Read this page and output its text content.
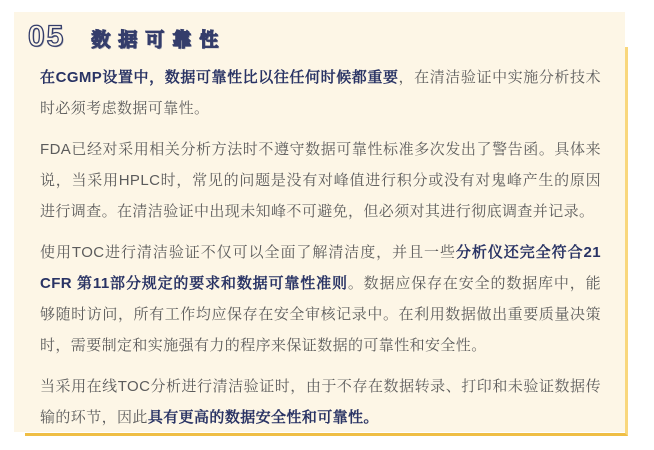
05 数据可靠性

在CGMP设置中，数据可靠性比以往任何时候都重要，在清洁验证中实施分析技术时必须考虑数据可靠性。

FDA已经对采用相关分析方法时不遵守数据可靠性标准多次发出了警告函。具体来说，当采用HPLC时，常见的问题是没有对峰值进行积分或没有对鬼峰产生的原因进行调查。在清洁验证中出现未知峰不可避免，但必须对其进行彻底调查并记录。

使用TOC进行清洁验证不仅可以全面了解清洁度，并且一些分析仪还完全符合21 CFR 第11部分规定的要求和数据可靠性准则。数据应保存在安全的数据库中，能够随时访问，所有工作均应保存在安全审核记录中。在利用数据做出重要质量决策时，需要制定和实施强有力的程序来保证数据的可靠性和安全性。

当采用在线TOC分析进行清洁验证时，由于不存在数据转录、打印和未验证数据传输的环节，因此具有更高的数据安全性和可靠性。
